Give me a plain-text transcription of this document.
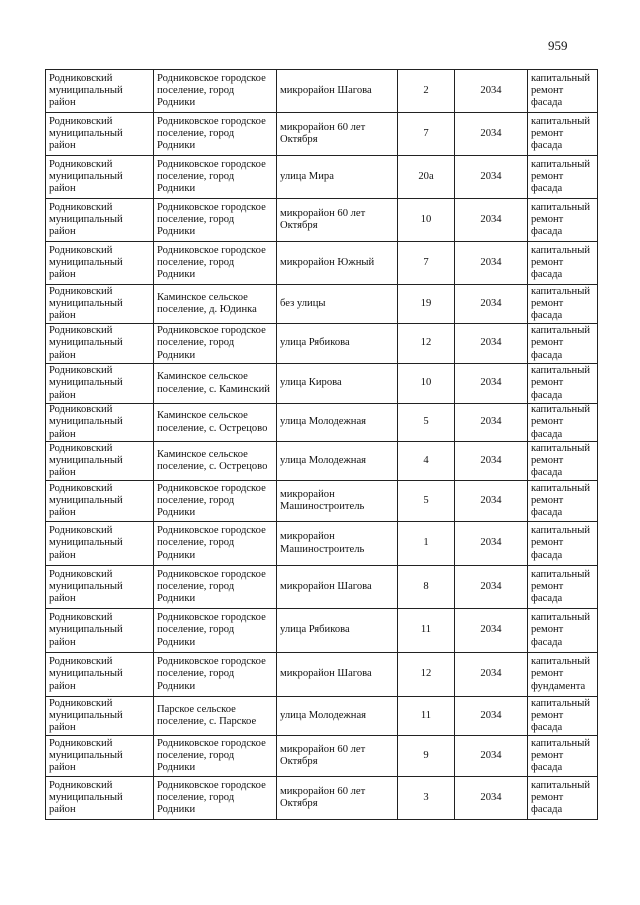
959
Родниковский муниципальный район	Родниковское городское поселение, город Родники	микрорайон Шагова	2	2034	капитальный ремонт фасада
Родниковский муниципальный район	Родниковское городское поселение, город Родники	микрорайон 60 лет Октября	7	2034	капитальный ремонт фасада
Родниковский муниципальный район	Родниковское городское поселение, город Родники	улица Мира	20а	2034	капитальный ремонт фасада
Родниковский муниципальный район	Родниковское городское поселение, город Родники	микрорайон 60 лет Октября	10	2034	капитальный ремонт фасада
Родниковский муниципальный район	Родниковское городское поселение, город Родники	микрорайон Южный	7	2034	капитальный ремонт фасада
Родниковский муниципальный район	Каминское сельское поселение, д. Юдинка	без улицы	19	2034	капитальный ремонт фасада
Родниковский муниципальный район	Родниковское городское поселение, город Родники	улица Рябикова	12	2034	капитальный ремонт фасада
Родниковский муниципальный район	Каминское сельское поселение, с. Каминский	улица Кирова	10	2034	капитальный ремонт фасада
Родниковский муниципальный район	Каминское сельское поселение, с. Острецово	улица Молодежная	5	2034	капитальный ремонт фасада
Родниковский муниципальный район	Каминское сельское поселение, с. Острецово	улица Молодежная	4	2034	капитальный ремонт фасада
Родниковский муниципальный район	Родниковское городское поселение, город Родники	микрорайон Машиностроитель	5	2034	капитальный ремонт фасада
Родниковский муниципальный район	Родниковское городское поселение, город Родники	микрорайон Машиностроитель	1	2034	капитальный ремонт фасада
Родниковский муниципальный район	Родниковское городское поселение, город Родники	микрорайон Шагова	8	2034	капитальный ремонт фасада
Родниковский муниципальный район	Родниковское городское поселение, город Родники	улица Рябикова	11	2034	капитальный ремонт фасада
Родниковский муниципальный район	Родниковское городское поселение, город Родники	микрорайон Шагова	12	2034	капитальный ремонт фундамента
Родниковский муниципальный район	Парское сельское поселение, с. Парское	улица Молодежная	11	2034	капитальный ремонт фасада
Родниковский муниципальный район	Родниковское городское поселение, город Родники	микрорайон 60 лет Октября	9	2034	капитальный ремонт фасада
Родниковский муниципальный район	Родниковское городское поселение, город Родники	микрорайон 60 лет Октября	3	2034	капитальный ремонт фасада
